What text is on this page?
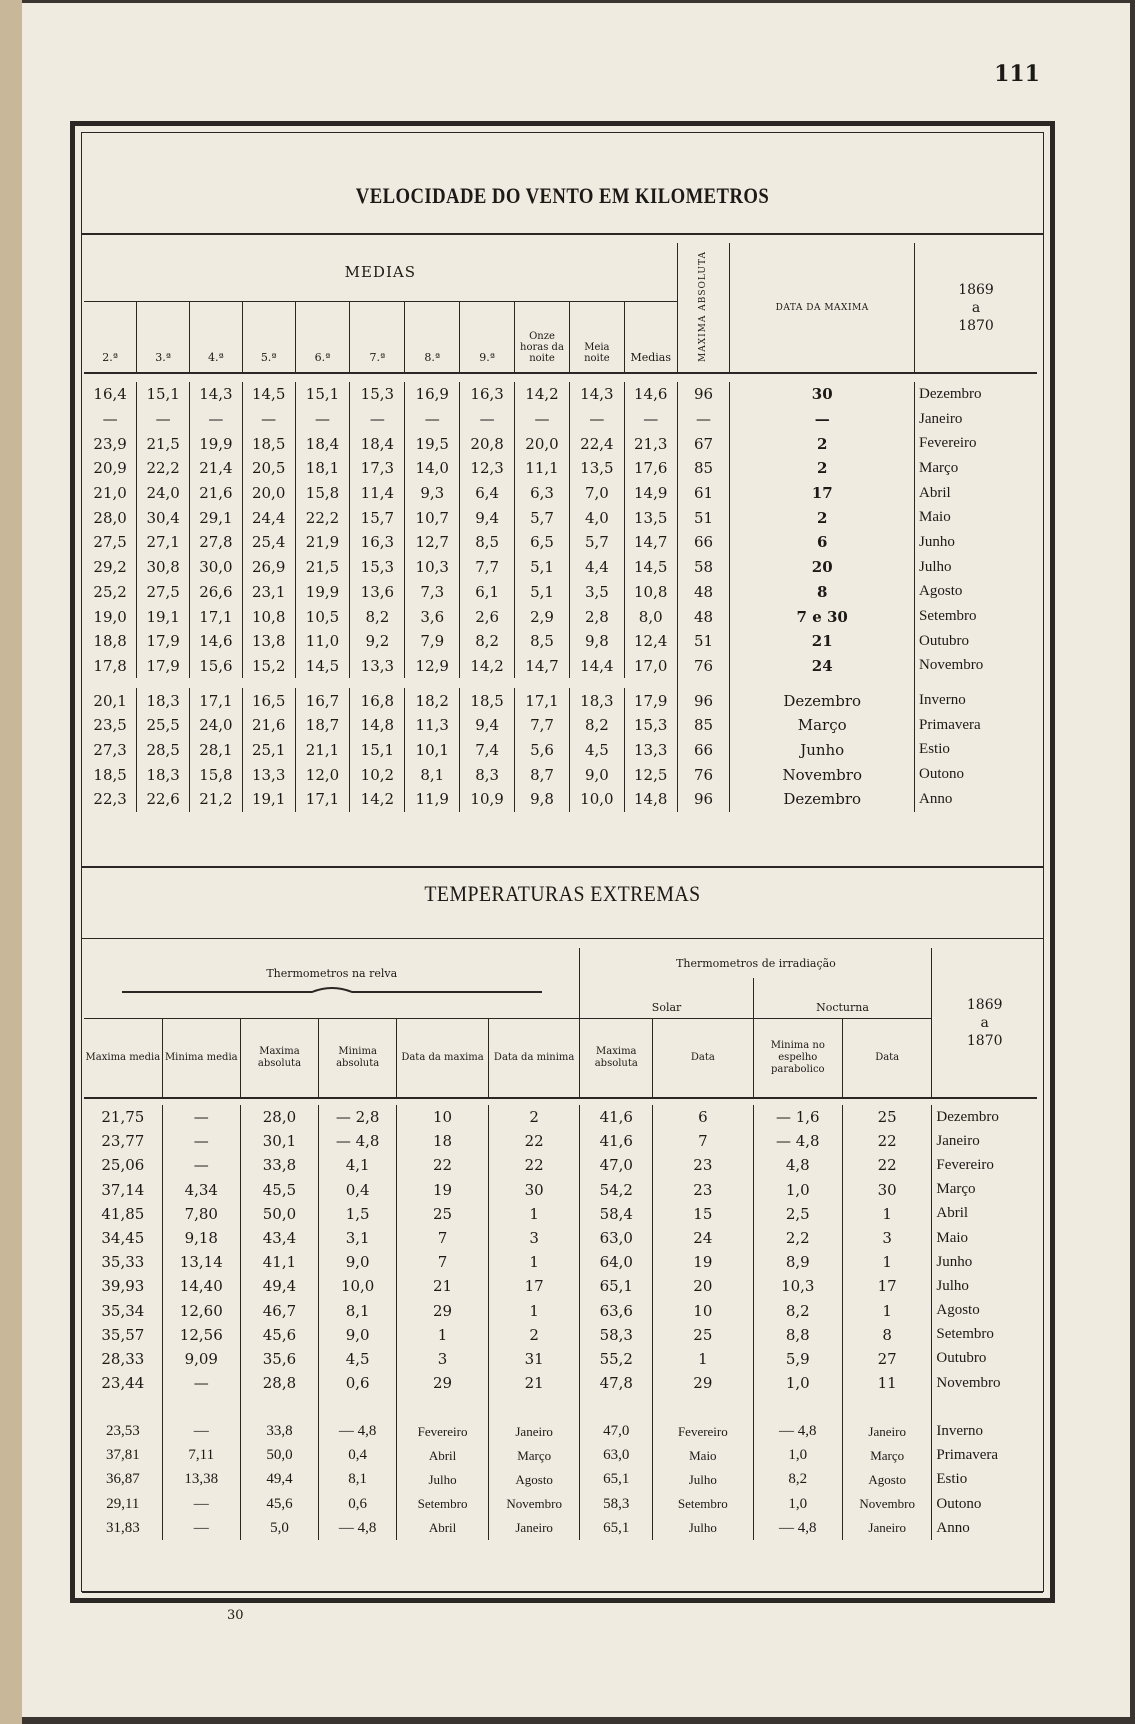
111
VELOCIDADE DO VENTO EM KILOMETROS
MEDIAS											MAXIMA ABSOLUTA	DATA DA MAXIMA	1869
a
1870

2.ª	3.ª	4.ª	5.ª	6.ª	7.ª	8.ª	9.ª	Onze horas da noite	Meia noite	Medias			

16,4	15,1	14,3	14,5	15,1	15,3	16,9	16,3	14,2	14,3	14,6	96	30	Dezembro
—	—	—	—	—	—	—	—	—	—	—	—	—	Janeiro
23,9	21,5	19,9	18,5	18,4	18,4	19,5	20,8	20,0	22,4	21,3	67	2	Fevereiro
20,9	22,2	21,4	20,5	18,1	17,3	14,0	12,3	11,1	13,5	17,6	85	2	Março
21,0	24,0	21,6	20,0	15,8	11,4	9,3	6,4	6,3	7,0	14,9	61	17	Abril
28,0	30,4	29,1	24,4	22,2	15,7	10,7	9,4	5,7	4,0	13,5	51	2	Maio
27,5	27,1	27,8	25,4	21,9	16,3	12,7	8,5	6,5	5,7	14,7	66	6	Junho
29,2	30,8	30,0	26,9	21,5	15,3	10,3	7,7	5,1	4,4	14,5	58	20	Julho
25,2	27,5	26,6	23,1	19,9	13,6	7,3	6,1	5,1	3,5	10,8	48	8	Agosto
19,0	19,1	17,1	10,8	10,5	8,2	3,6	2,6	2,9	2,8	8,0	48	7 e 30	Setembro
18,8	17,9	14,6	13,8	11,0	9,2	7,9	8,2	8,5	9,8	12,4	51	21	Outubro
17,8	17,9	15,6	15,2	14,5	13,3	12,9	14,2	14,7	14,4	17,0	76	24	Novembro

20,1	18,3	17,1	16,5	16,7	16,8	18,2	18,5	17,1	18,3	17,9	96	Dezembro	Inverno
23,5	25,5	24,0	21,6	18,7	14,8	11,3	9,4	7,7	8,2	15,3	85	Março	Primavera
27,3	28,5	28,1	25,1	21,1	15,1	10,1	7,4	5,6	4,5	13,3	66	Junho	Estio
18,5	18,3	15,8	13,3	12,0	10,2	8,1	8,3	8,7	9,0	12,5	76	Novembro	Outono
22,3	22,6	21,2	19,1	17,1	14,2	11,9	10,9	9,8	10,0	14,8	96	Dezembro	Anno
TEMPERATURAS EXTREMAS
Thermometros na relva						Thermometros de irradiação				1869
a
1870

						Solar		Nocturna		
Maxima media	Minima media	Maxima absoluta	Minima absoluta	Data da maxima	Data da minima	Maxima absoluta	Data	Minima no espelho parabolico	Data	

21,75	—	28,0	— 2,8	10	2	41,6	6	— 1,6	25	Dezembro
23,77	—	30,1	— 4,8	18	22	41,6	7	— 4,8	22	Janeiro
25,06	—	33,8	4,1	22	22	47,0	23	4,8	22	Fevereiro
37,14	4,34	45,5	0,4	19	30	54,2	23	1,0	30	Março
41,85	7,80	50,0	1,5	25	1	58,4	15	2,5	1	Abril
34,45	9,18	43,4	3,1	7	3	63,0	24	2,2	3	Maio
35,33	13,14	41,1	9,0	7	1	64,0	19	8,9	1	Junho
39,93	14,40	49,4	10,0	21	17	65,1	20	10,3	17	Julho
35,34	12,60	46,7	8,1	29	1	63,6	10	8,2	1	Agosto
35,57	12,56	45,6	9,0	1	2	58,3	25	8,8	8	Setembro
28,33	9,09	35,6	4,5	3	31	55,2	1	5,9	27	Outubro
23,44	—	28,8	0,6	29	21	47,8	29	1,0	11	Novembro

23,53	—	33,8	— 4,8	Fevereiro	Janeiro	47,0	Fevereiro	— 4,8	Janeiro	Inverno
37,81	7,11	50,0	0,4	Abril	Março	63,0	Maio	1,0	Março	Primavera
36,87	13,38	49,4	8,1	Julho	Agosto	65,1	Julho	8,2	Agosto	Estio
29,11	—	45,6	0,6	Setembro	Novembro	58,3	Setembro	1,0	Novembro	Outono
31,83	—	5,0	— 4,8	Abril	Janeiro	65,1	Julho	— 4,8	Janeiro	Anno
30
